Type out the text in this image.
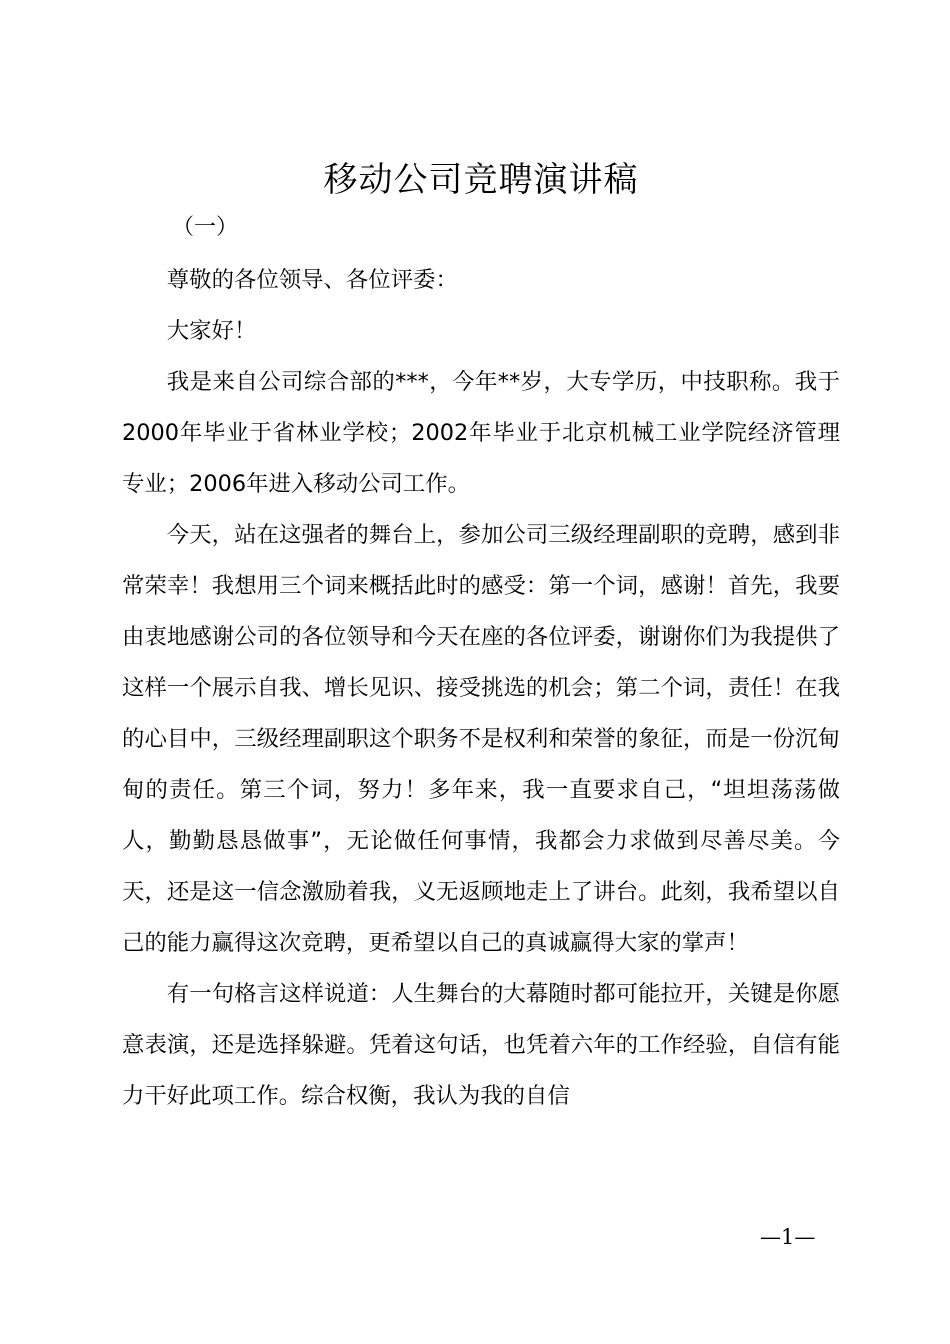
移动公司竞聘演讲稿
（一）

尊敬的各位领导、各位评委：

大家好！

我是来自公司综合部的***，今年**岁，大专学历，中技职称。我于2000年毕业于省林业学校；2002年毕业于北京机械工业学院经济管理专业；2006年进入移动公司工作。

今天，站在这强者的舞台上，参加公司三级经理副职的竞聘，感到非常荣幸！我想用三个词来概括此时的感受：第一个词，感谢！首先，我要由衷地感谢公司的各位领导和今天在座的各位评委，谢谢你们为我提供了这样一个展示自我、增长见识、接受挑选的机会；第二个词，责任！在我的心目中，三级经理副职这个职务不是权利和荣誉的象征，而是一份沉甸甸的责任。第三个词，努力！多年来，我一直要求自己，“坦坦荡荡做人，勤勤恳恳做事”，无论做任何事情，我都会力求做到尽善尽美。今天，还是这一信念激励着我，义无返顾地走上了讲台。此刻，我希望以自己的能力赢得这次竞聘，更希望以自己的真诚赢得大家的掌声！

有一句格言这样说道：人生舞台的大幕随时都可能拉开，关键是你愿意表演，还是选择躲避。凭着这句话，也凭着六年的工作经验，自信有能力干好此项工作。综合权衡，我认为我的自信

—1—
